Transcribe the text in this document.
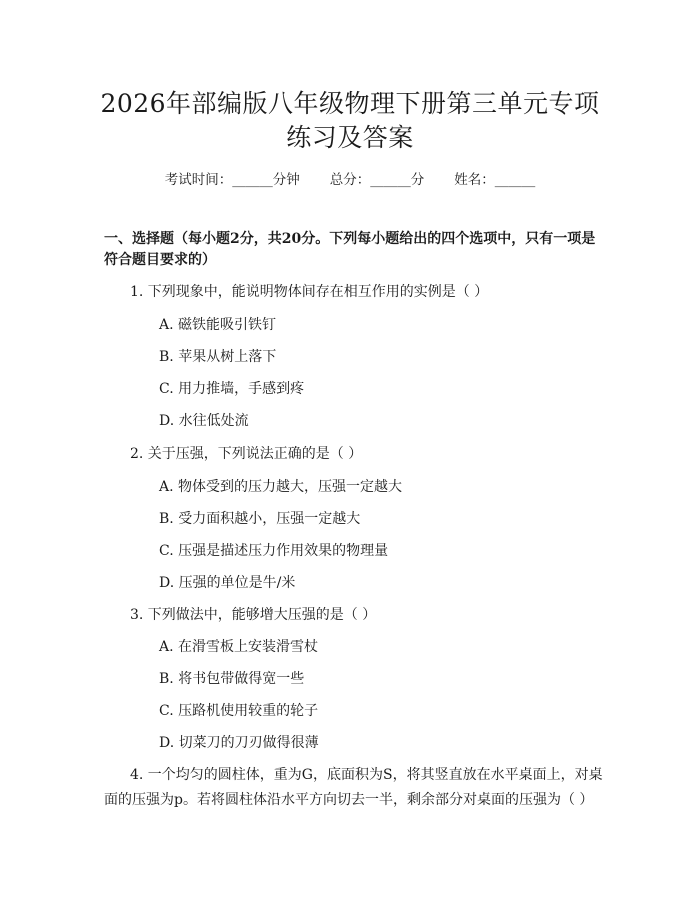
2026年部编版八年级物理下册第三单元专项
练习及答案
考试时间：______分钟 总分：______分 姓名：______
一、选择题（每小题2分，共20分。下列每小题给出的四个选项中，只有一项是符合题目要求的）
1. 下列现象中，能说明物体间存在相互作用的实例是（ ）
A. 磁铁能吸引铁钉
B. 苹果从树上落下
C. 用力推墙，手感到疼
D. 水往低处流
2. 关于压强，下列说法正确的是（ ）
A. 物体受到的压力越大，压强一定越大
B. 受力面积越小，压强一定越大
C. 压强是描述压力作用效果的物理量
D. 压强的单位是牛/米
3. 下列做法中，能够增大压强的是（ ）
A. 在滑雪板上安装滑雪杖
B. 将书包带做得宽一些
C. 压路机使用较重的轮子
D. 切菜刀的刀刃做得很薄
4. 一个均匀的圆柱体，重为G，底面积为S，将其竖直放在水平桌面上，对桌面的压强为p。若将圆柱体沿水平方向切去一半，剩余部分对桌面的压强为（ ）
